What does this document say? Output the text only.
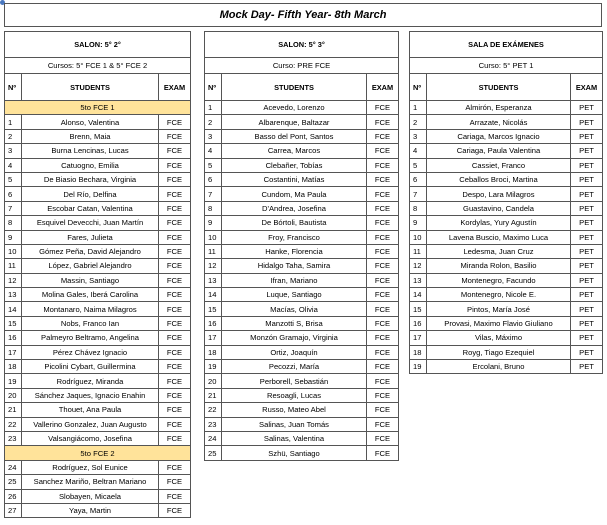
Mock Day- Fifth Year- 8th March
SALON: 5° 2°		
Cursos: 5° FCE 1 & 5° FCE 2		
Nº	STUDENTS	EXAM
5to FCE 1		
1	Alonso, Valentina	FCE
2	Brenn, Maia	FCE
3	Burna Lencinas, Lucas	FCE
4	Catuogno, Emilia	FCE
5	De Biasio Bechara, Virginia	FCE
6	Del Río, Delfina	FCE
7	Escobar Catan, Valentina	FCE
8	Esquivel Devecchi, Juan Martín	FCE
9	Fares, Julieta	FCE
10	Gómez Peña, David Alejandro	FCE
11	López, Gabriel Alejandro	FCE
12	Massin, Santiago	FCE
13	Molina Gales, Iberá Carolina	FCE
14	Montanaro, Naima Milagros	FCE
15	Nobs, Franco Ian	FCE
16	Palmeyro Beltramo, Angelina	FCE
17	Pérez Chávez Ignacio	FCE
18	Picolini Cybart, Guillermina	FCE
19	Rodríguez, Miranda	FCE
20	Sánchez Jaques, Ignacio Enahin	FCE
21	Thouet, Ana Paula	FCE
22	Vallerino Gonzalez, Juan Augusto	FCE
23	Valsangiácomo, Josefina	FCE
5to FCE 2		
24	Rodríguez, Sol Eunice	FCE
25	Sanchez Mariño, Beltran Mariano	FCE
26	Slobayen, Micaela	FCE
27	Yaya, Martin	FCE
SALON: 5° 3°		
Curso: PRE FCE		
Nº	STUDENTS	EXAM
1	Acevedo, Lorenzo	FCE
2	Albarenque, Baltazar	FCE
3	Basso del Pont, Santos	FCE
4	Carrea, Marcos	FCE
5	Clebañer, Tobías	FCE
6	Costantini, Matías	FCE
7	Cundom, Ma Paula	FCE
8	D'Andrea, Josefina	FCE
9	De Bórtoli, Bautista	FCE
10	Froy, Francisco	FCE
11	Hanke, Florencia	FCE
12	Hidalgo Taha, Samira	FCE
13	Ifran, Mariano	FCE
14	Luque, Santiago	FCE
15	Macías, Olivia	FCE
16	Manzotti S, Brisa	FCE
17	Monzón Gramajo, Virginia	FCE
18	Ortiz, Joaquín	FCE
19	Pecozzi, María	FCE
20	Perborell, Sebastián	FCE
21	Resoagli, Lucas	FCE
22	Russo, Mateo Abel	FCE
23	Salinas, Juan Tomás	FCE
24	Salinas, Valentina	FCE
25	Szhü, Santiago	FCE
SALA DE EXÁMENES		
Curso: 5° PET 1		
Nº	STUDENTS	EXAM
1	Almirón, Esperanza	PET
2	Arrazate, Nicolás	PET
3	Cariaga, Marcos Ignacio	PET
4	Cariaga, Paula Valentina	PET
5	Cassiet, Franco	PET
6	Ceballos Broci, Martina	PET
7	Despo, Lara Milagros	PET
8	Guastavino, Candela	PET
9	Kordylas, Yury Agustín	PET
10	Lavena Buscio, Maximo Luca	PET
11	Ledesma, Juan Cruz	PET
12	Miranda Rolon, Basilio	PET
13	Montenegro, Facundo	PET
14	Montenegro, Nicole E.	PET
15	Pintos, María José	PET
16	Provasi, Maximo Flavio Giuliano	PET
17	Vilas, Máximo	PET
18	Royg, Tiago Ezequiel	PET
19	Ercolani, Bruno	PET
